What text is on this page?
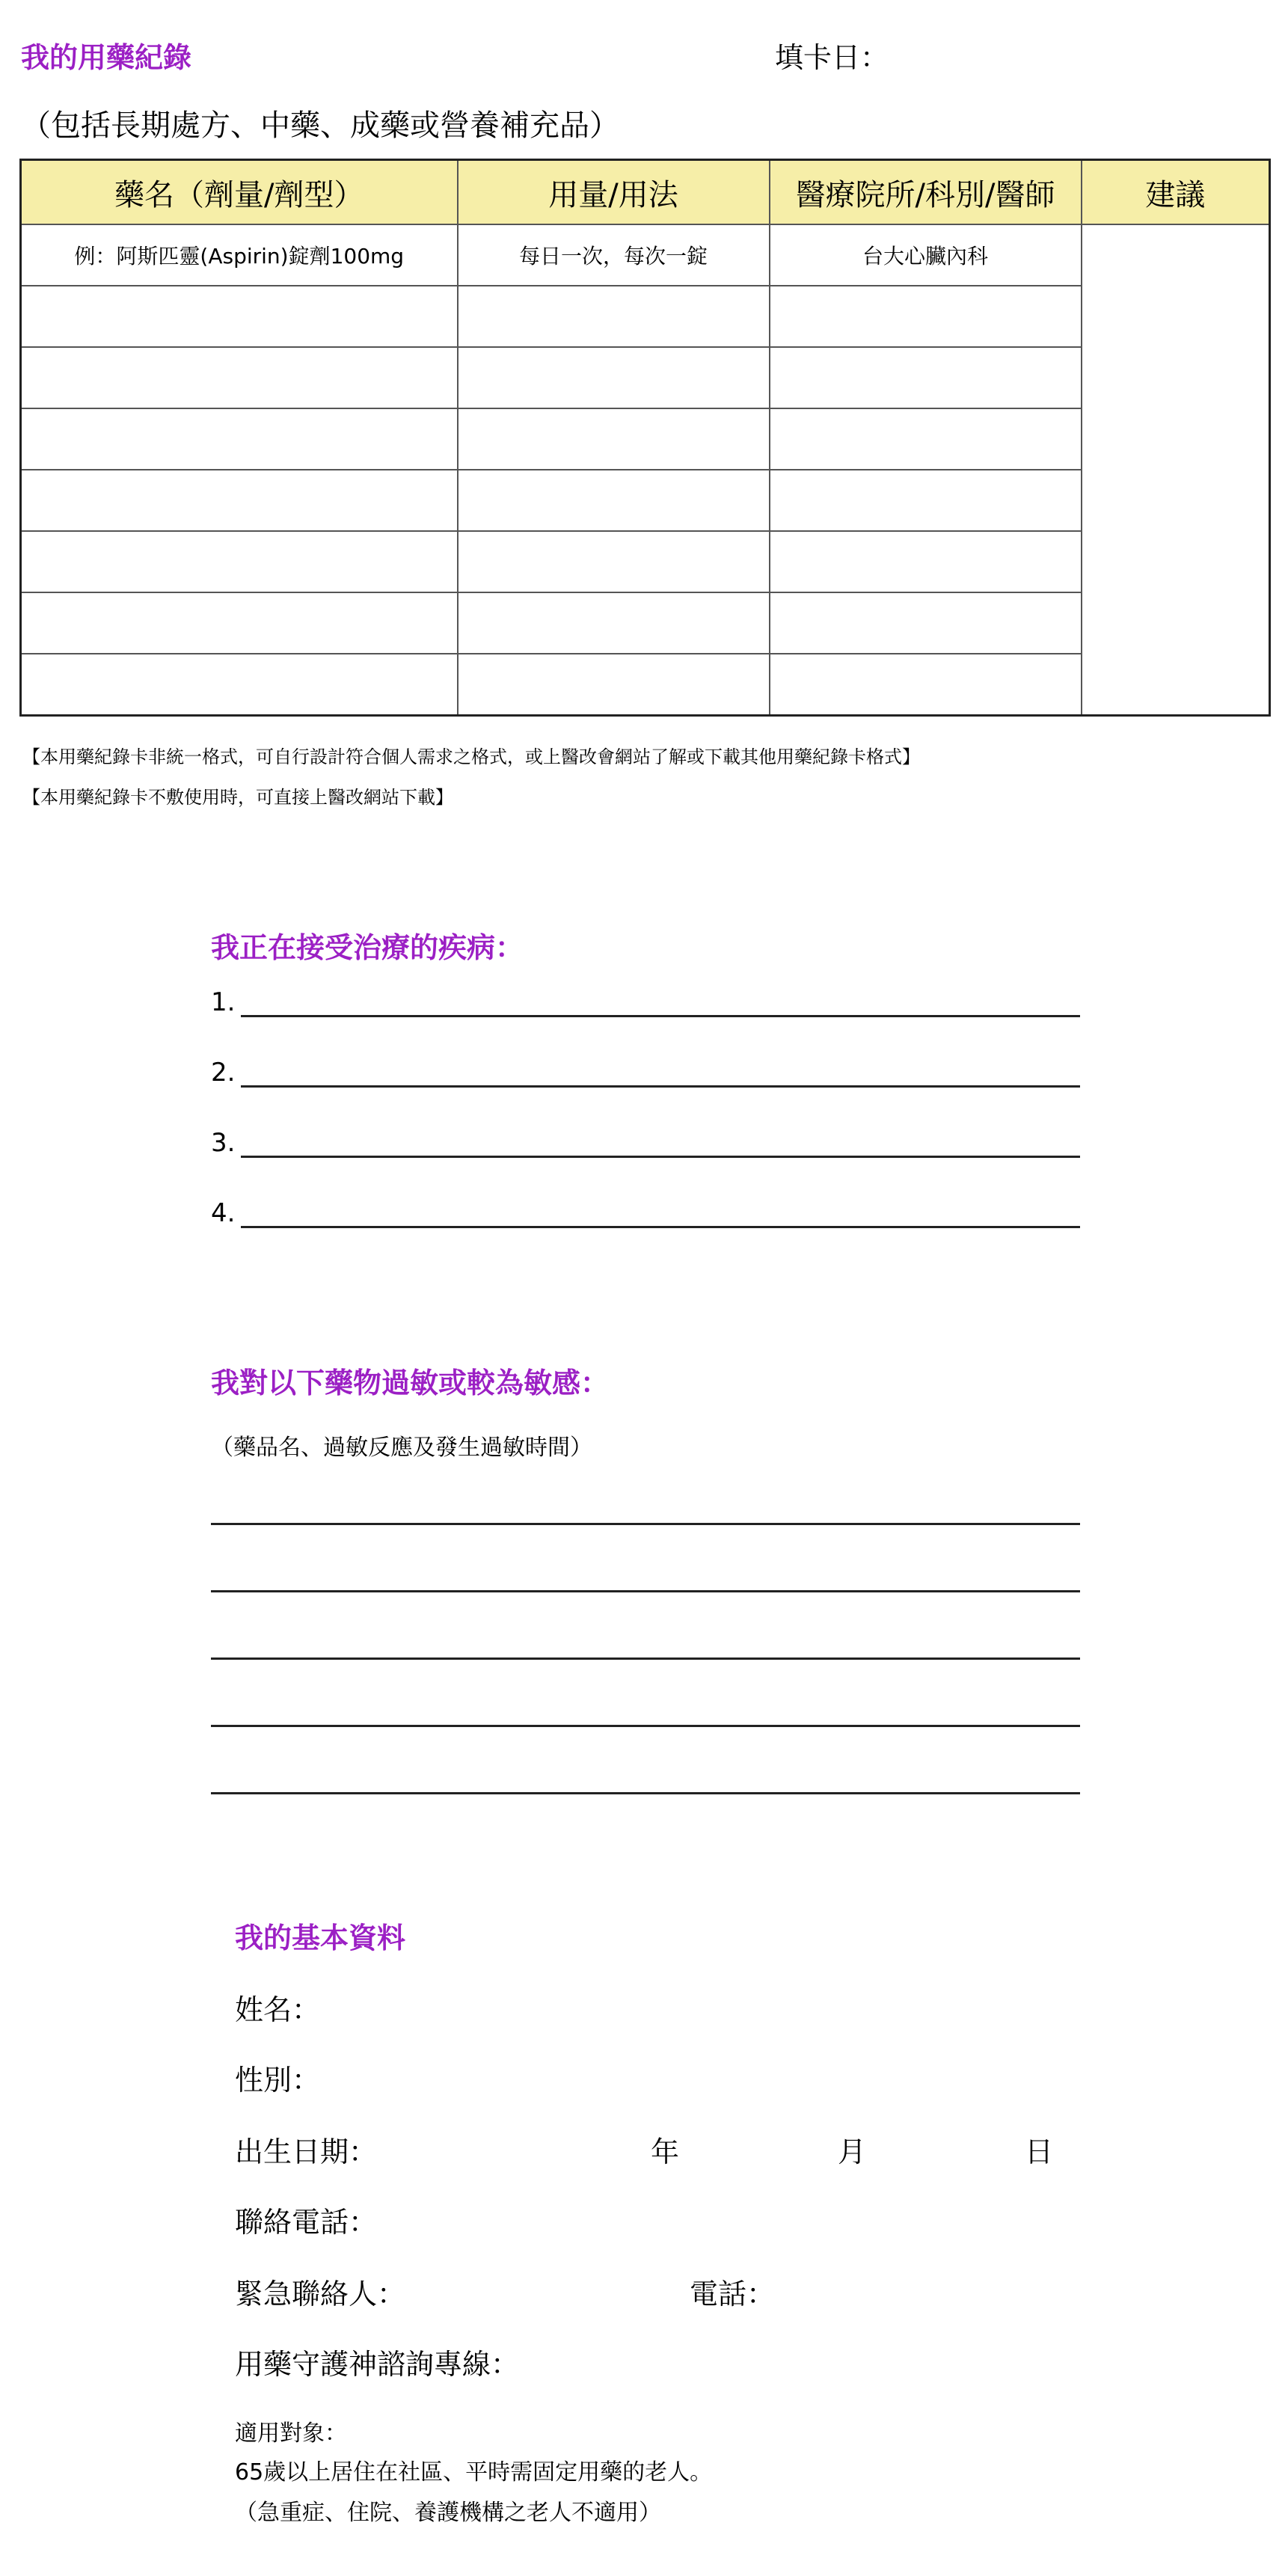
我的用藥紀錄	填卡日：
（包括長期處方、中藥、成藥或營養補充品）
藥名（劑量/劑型）	用量/用法	醫療院所/科別/醫師	建議
例：阿斯匹靈(Aspirin)錠劑100mg	每日一次，每次一錠	台大心臟內科	

【本用藥紀錄卡非統一格式，可自行設計符合個人需求之格式，或上醫改會網站了解或下載其他用藥紀錄卡格式】
【本用藥紀錄卡不敷使用時，可直接上醫改網站下載】
我正在接受治療的疾病：
1.
2.
3.
4.
我對以下藥物過敏或較為敏感：
（藥品名、過敏反應及發生過敏時間）
我的基本資料
姓名：
性別：
出生日期：	年	月	日
聯絡電話：
緊急聯絡人：	電話：
用藥守護神諮詢專線：
適用對象：
65歲以上居住在社區、平時需固定用藥的老人。
（急重症、住院、養護機構之老人不適用）
